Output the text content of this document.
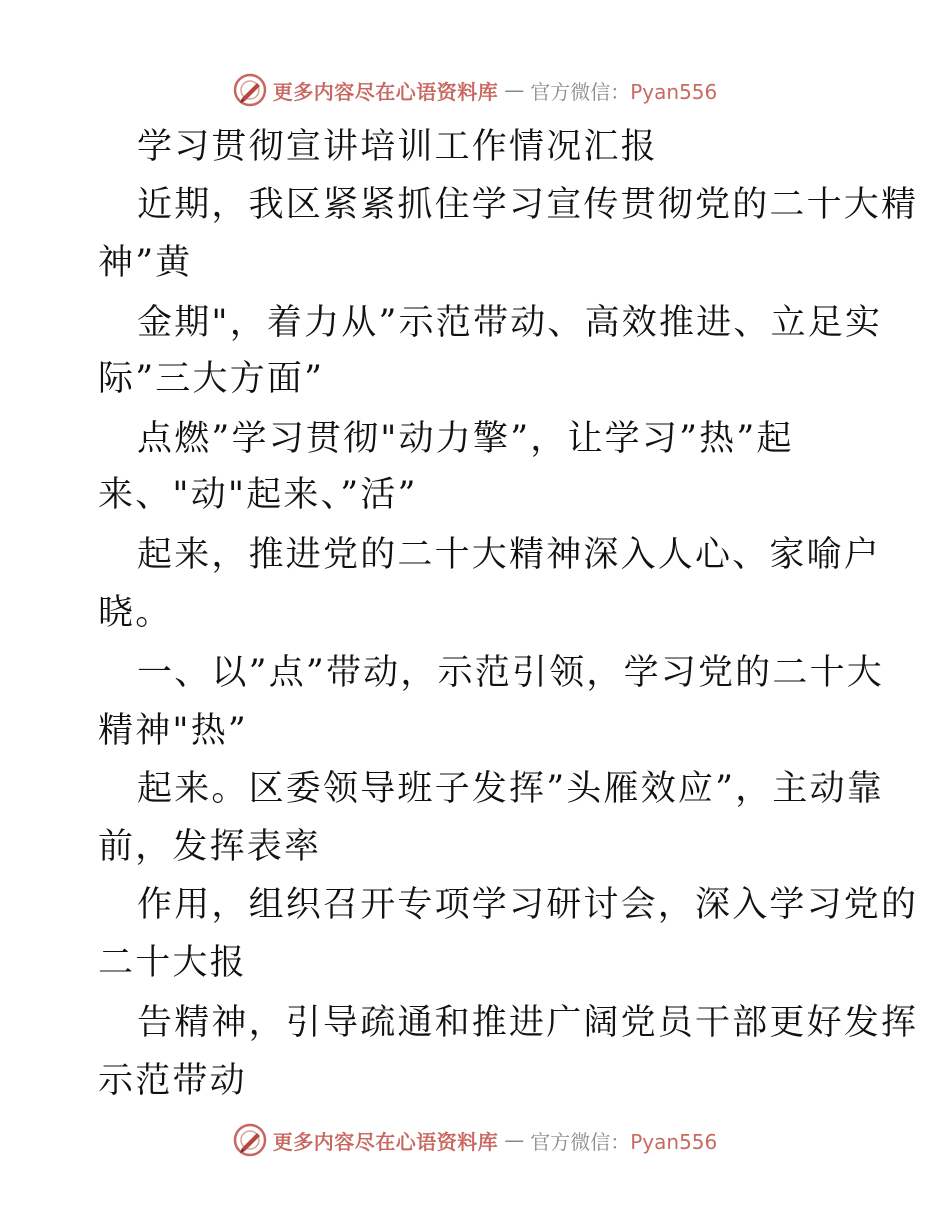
更多内容尽在心语资料库 — 官方微信：Pyan556
学习贯彻宣讲培训工作情况汇报
近期，我区紧紧抓住学习宣传贯彻党的二十大精
神”黄
金期"，着力从”示范带动、高效推进、立足实
际”三大方面”
点燃”学习贯彻"动力擎”，让学习”热”起
来、"动"起来、”活”
起来，推进党的二十大精神深入人心、家喻户
晓。
一、以”点”带动，示范引领，学习党的二十大
精神"热”
起来。区委领导班子发挥”头雁效应”，主动靠
前，发挥表率
作用，组织召开专项学习研讨会，深入学习党的
二十大报
告精神，引导疏通和推进广阔党员干部更好发挥
示范带动
更多内容尽在心语资料库 — 官方微信：Pyan556
